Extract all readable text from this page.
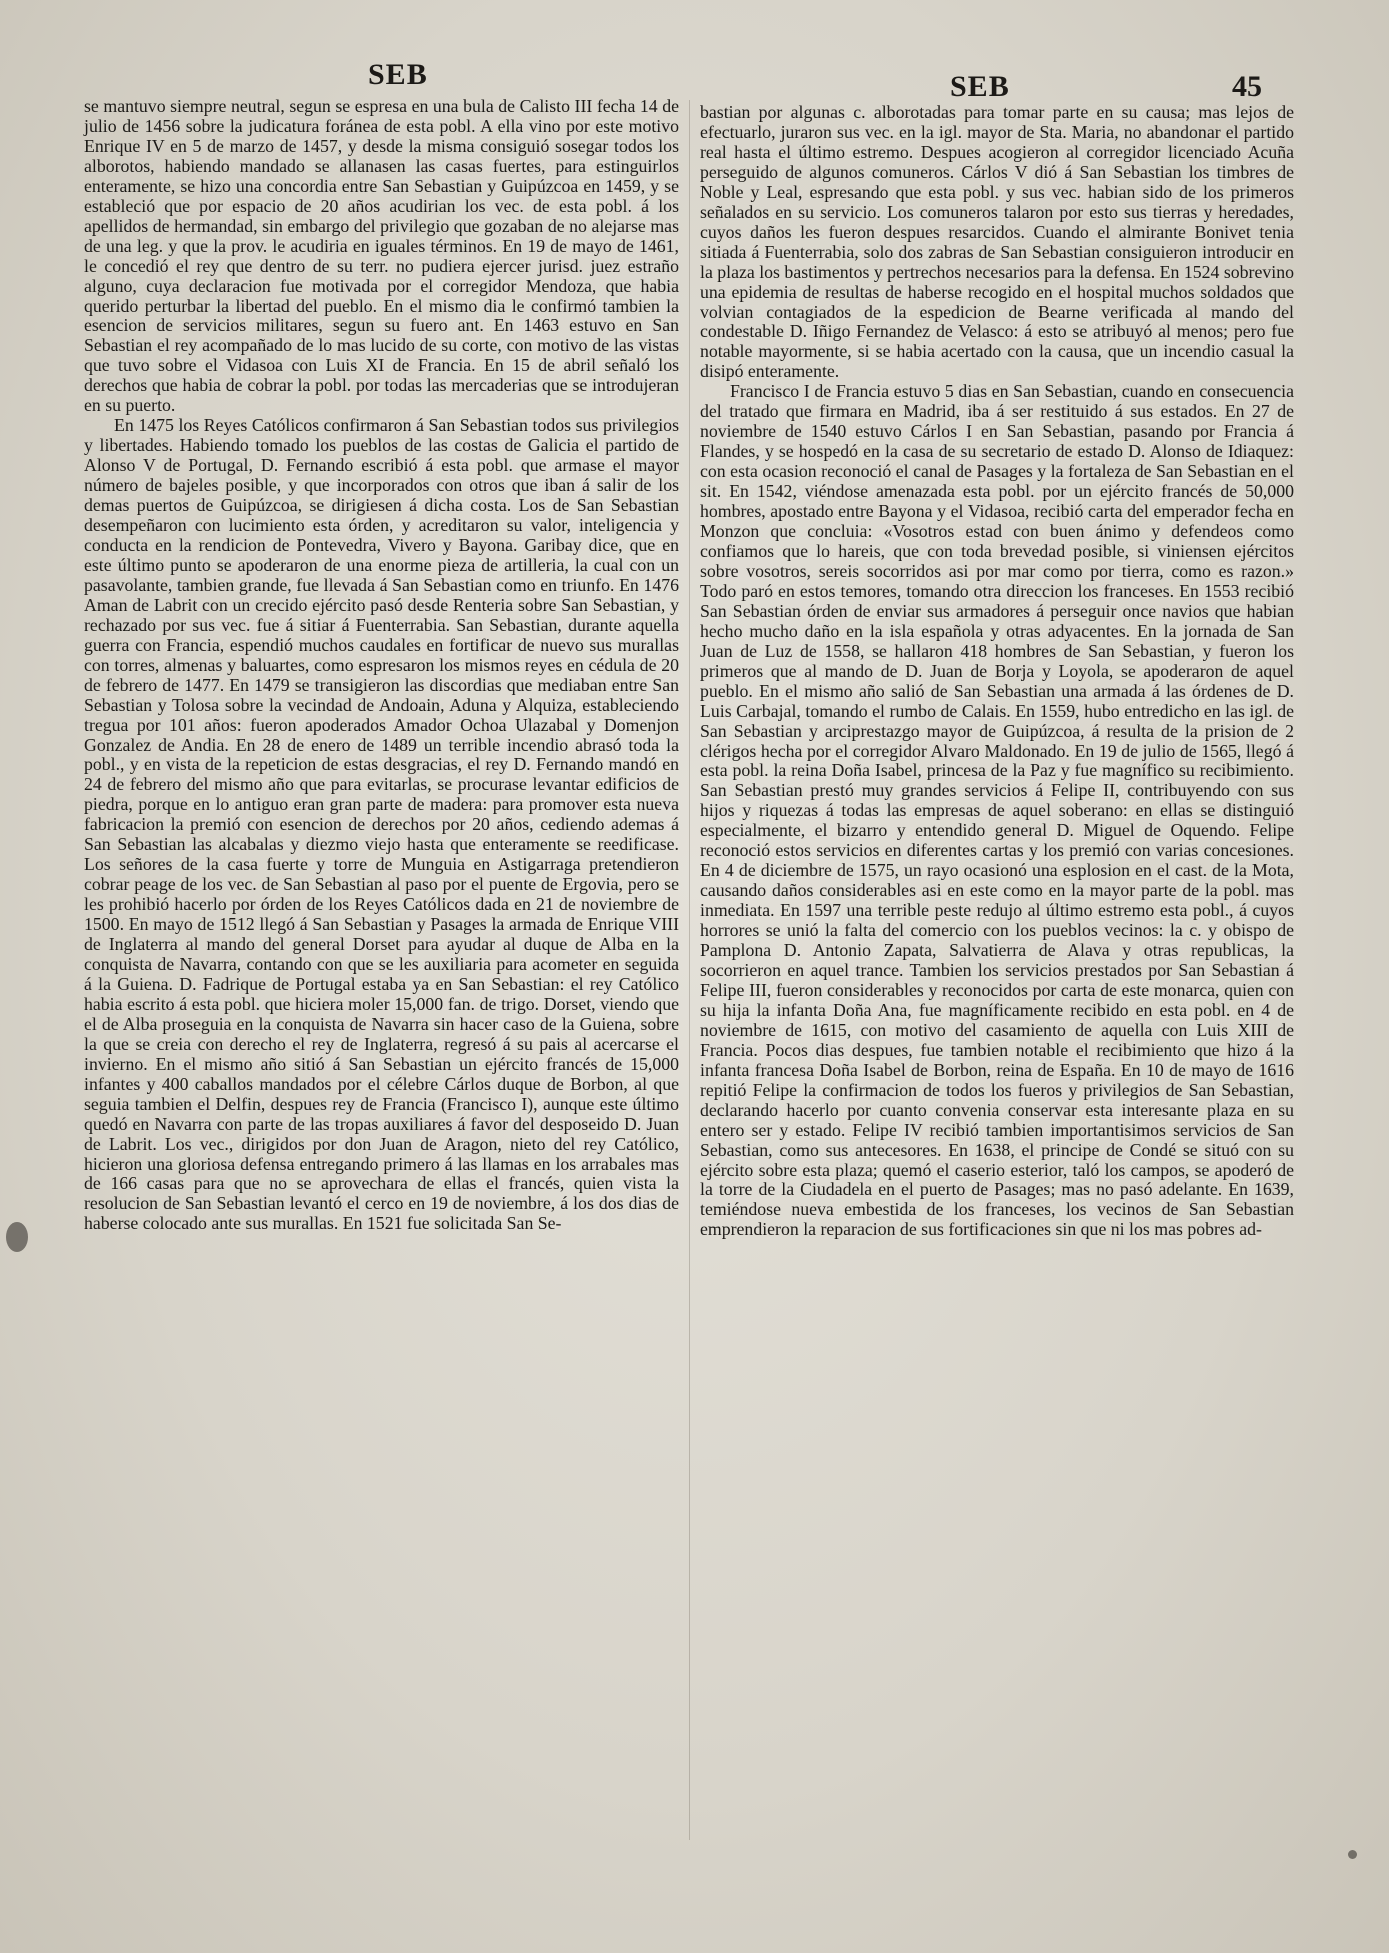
SEB	SEB	45

se mantuvo siempre neutral, segun se espresa en una bula de Calisto III fecha 14 de julio de 1456 sobre la judicatura foránea de esta pobl. A ella vino por este motivo Enrique IV en 5 de marzo de 1457, y desde la misma consiguió sosegar todos los alborotos, habiendo mandado se allanasen las casas fuertes, para estinguirlos enteramente, se hizo una concordia entre San Sebastian y Guipúzcoa en 1459, y se estableció que por espacio de 20 años acudirian los vec. de esta pobl. á los apellidos de hermandad, sin embargo del privilegio que gozaban de no alejarse mas de una leg. y que la prov. le acudiria en iguales términos. En 19 de mayo de 1461, le concedió el rey que dentro de su terr. no pudiera ejercer jurisd. juez estraño alguno, cuya declaracion fue motivada por el corregidor Mendoza, que habia querido perturbar la libertad del pueblo. En el mismo dia le confirmó tambien la esencion de servicios militares, segun su fuero ant. En 1463 estuvo en San Sebastian el rey acompañado de lo mas lucido de su corte, con motivo de las vistas que tuvo sobre el Vidasoa con Luis XI de Francia. En 15 de abril señaló los derechos que habia de cobrar la pobl. por todas las mercaderias que se introdujeran en su puerto.

En 1475 los Reyes Católicos confirmaron á San Sebastian todos sus privilegios y libertades. Habiendo tomado los pueblos de las costas de Galicia el partido de Alonso V de Portugal, D. Fernando escribió á esta pobl. que armase el mayor número de bajeles posible, y que incorporados con otros que iban á salir de los demas puertos de Guipúzcoa, se dirigiesen á dicha costa. Los de San Sebastian desempeñaron con lucimiento esta órden, y acreditaron su valor, inteligencia y conducta en la rendicion de Pontevedra, Vivero y Bayona. Garibay dice, que en este último punto se apoderaron de una enorme pieza de artilleria, la cual con un pasavolante, tambien grande, fue llevada á San Sebastian como en triunfo. En 1476 Aman de Labrit con un crecido ejército pasó desde Renteria sobre San Sebastian, y rechazado por sus vec. fue á sitiar á Fuenterrabia. San Sebastian, durante aquella guerra con Francia, espendió muchos caudales en fortificar de nuevo sus murallas con torres, almenas y baluartes, como espresaron los mismos reyes en cédula de 20 de febrero de 1477. En 1479 se transigieron las discordias que mediaban entre San Sebastian y Tolosa sobre la vecindad de Andoain, Aduna y Alquiza, estableciendo tregua por 101 años: fueron apoderados Amador Ochoa Ulazabal y Domenjon Gonzalez de Andia. En 28 de enero de 1489 un terrible incendio abrasó toda la pobl., y en vista de la repeticion de estas desgracias, el rey D. Fernando mandó en 24 de febrero del mismo año que para evitarlas, se procurase levantar edificios de piedra, porque en lo antiguo eran gran parte de madera: para promover esta nueva fabricacion la premió con esencion de derechos por 20 años, cediendo ademas á San Sebastian las alcabalas y diezmo viejo hasta que enteramente se reedificase. Los señores de la casa fuerte y torre de Munguia en Astigarraga pretendieron cobrar peage de los vec. de San Sebastian al paso por el puente de Ergovia, pero se les prohibió hacerlo por órden de los Reyes Católicos dada en 21 de noviembre de 1500. En mayo de 1512 llegó á San Sebastian y Pasages la armada de Enrique VIII de Inglaterra al mando del general Dorset para ayudar al duque de Alba en la conquista de Navarra, contando con que se les auxiliaria para acometer en seguida á la Guiena. D. Fadrique de Portugal estaba ya en San Sebastian: el rey Católico habia escrito á esta pobl. que hiciera moler 15,000 fan. de trigo. Dorset, viendo que el de Alba proseguia en la conquista de Navarra sin hacer caso de la Guiena, sobre la que se creia con derecho el rey de Inglaterra, regresó á su pais al acercarse el invierno. En el mismo año sitió á San Sebastian un ejército francés de 15,000 infantes y 400 caballos mandados por el célebre Cárlos duque de Borbon, al que seguia tambien el Delfin, despues rey de Francia (Francisco I), aunque este último quedó en Navarra con parte de las tropas auxiliares á favor del desposeido D. Juan de Labrit. Los vec., dirigidos por don Juan de Aragon, nieto del rey Católico, hicieron una gloriosa defensa entregando primero á las llamas en los arrabales mas de 166 casas para que no se aprovechara de ellas el francés, quien vista la resolucion de San Sebastian levantó el cerco en 19 de noviembre, á los dos dias de haberse colocado ante sus murallas. En 1521 fue solicitada San Se-

bastian por algunas c. alborotadas para tomar parte en su causa; mas lejos de efectuarlo, juraron sus vec. en la igl. mayor de Sta. Maria, no abandonar el partido real hasta el último estremo. Despues acogieron al corregidor licenciado Acuña perseguido de algunos comuneros. Cárlos V dió á San Sebastian los timbres de Noble y Leal, espresando que esta pobl. y sus vec. habian sido de los primeros señalados en su servicio. Los comuneros talaron por esto sus tierras y heredades, cuyos daños les fueron despues resarcidos. Cuando el almirante Bonivet tenia sitiada á Fuenterrabia, solo dos zabras de San Sebastian consiguieron introducir en la plaza los bastimentos y pertrechos necesarios para la defensa. En 1524 sobrevino una epidemia de resultas de haberse recogido en el hospital muchos soldados que volvian contagiados de la espedicion de Bearne verificada al mando del condestable D. Iñigo Fernandez de Velasco: á esto se atribuyó al menos; pero fue notable mayormente, si se habia acertado con la causa, que un incendio casual la disipó enteramente.

Francisco I de Francia estuvo 5 dias en San Sebastian, cuando en consecuencia del tratado que firmara en Madrid, iba á ser restituido á sus estados. En 27 de noviembre de 1540 estuvo Cárlos I en San Sebastian, pasando por Francia á Flandes, y se hospedó en la casa de su secretario de estado D. Alonso de Idiaquez: con esta ocasion reconoció el canal de Pasages y la fortaleza de San Sebastian en el sit. En 1542, viéndose amenazada esta pobl. por un ejército francés de 50,000 hombres, apostado entre Bayona y el Vidasoa, recibió carta del emperador fecha en Monzon que concluia: «Vosotros estad con buen ánimo y defendeos como confiamos que lo hareis, que con toda brevedad posible, si viniensen ejércitos sobre vosotros, sereis socorridos asi por mar como por tierra, como es razon.» Todo paró en estos temores, tomando otra direccion los franceses. En 1553 recibió San Sebastian órden de enviar sus armadores á perseguir once navios que habian hecho mucho daño en la isla española y otras adyacentes. En la jornada de San Juan de Luz de 1558, se hallaron 418 hombres de San Sebastian, y fueron los primeros que al mando de D. Juan de Borja y Loyola, se apoderaron de aquel pueblo. En el mismo año salió de San Sebastian una armada á las órdenes de D. Luis Carbajal, tomando el rumbo de Calais. En 1559, hubo entredicho en las igl. de San Sebastian y arciprestazgo mayor de Guipúzcoa, á resulta de la prision de 2 clérigos hecha por el corregidor Alvaro Maldonado. En 19 de julio de 1565, llegó á esta pobl. la reina Doña Isabel, princesa de la Paz y fue magnífico su recibimiento. San Sebastian prestó muy grandes servicios á Felipe II, contribuyendo con sus hijos y riquezas á todas las empresas de aquel soberano: en ellas se distinguió especialmente, el bizarro y entendido general D. Miguel de Oquendo. Felipe reconoció estos servicios en diferentes cartas y los premió con varias concesiones. En 4 de diciembre de 1575, un rayo ocasionó una esplosion en el cast. de la Mota, causando daños considerables asi en este como en la mayor parte de la pobl. mas inmediata. En 1597 una terrible peste redujo al último estremo esta pobl., á cuyos horrores se unió la falta del comercio con los pueblos vecinos: la c. y obispo de Pamplona D. Antonio Zapata, Salvatierra de Alava y otras republicas, la socorrieron en aquel trance. Tambien los servicios prestados por San Sebastian á Felipe III, fueron considerables y reconocidos por carta de este monarca, quien con su hija la infanta Doña Ana, fue magníficamente recibido en esta pobl. en 4 de noviembre de 1615, con motivo del casamiento de aquella con Luis XIII de Francia. Pocos dias despues, fue tambien notable el recibimiento que hizo á la infanta francesa Doña Isabel de Borbon, reina de España. En 10 de mayo de 1616 repitió Felipe la confirmacion de todos los fueros y privilegios de San Sebastian, declarando hacerlo por cuanto convenia conservar esta interesante plaza en su entero ser y estado. Felipe IV recibió tambien importantisimos servicios de San Sebastian, como sus antecesores. En 1638, el principe de Condé se situó con su ejército sobre esta plaza; quemó el caserio esterior, taló los campos, se apoderó de la torre de la Ciudadela en el puerto de Pasages; mas no pasó adelante. En 1639, temiéndose nueva embestida de los franceses, los vecinos de San Sebastian emprendieron la reparacion de sus fortificaciones sin que ni los mas pobres ad-
